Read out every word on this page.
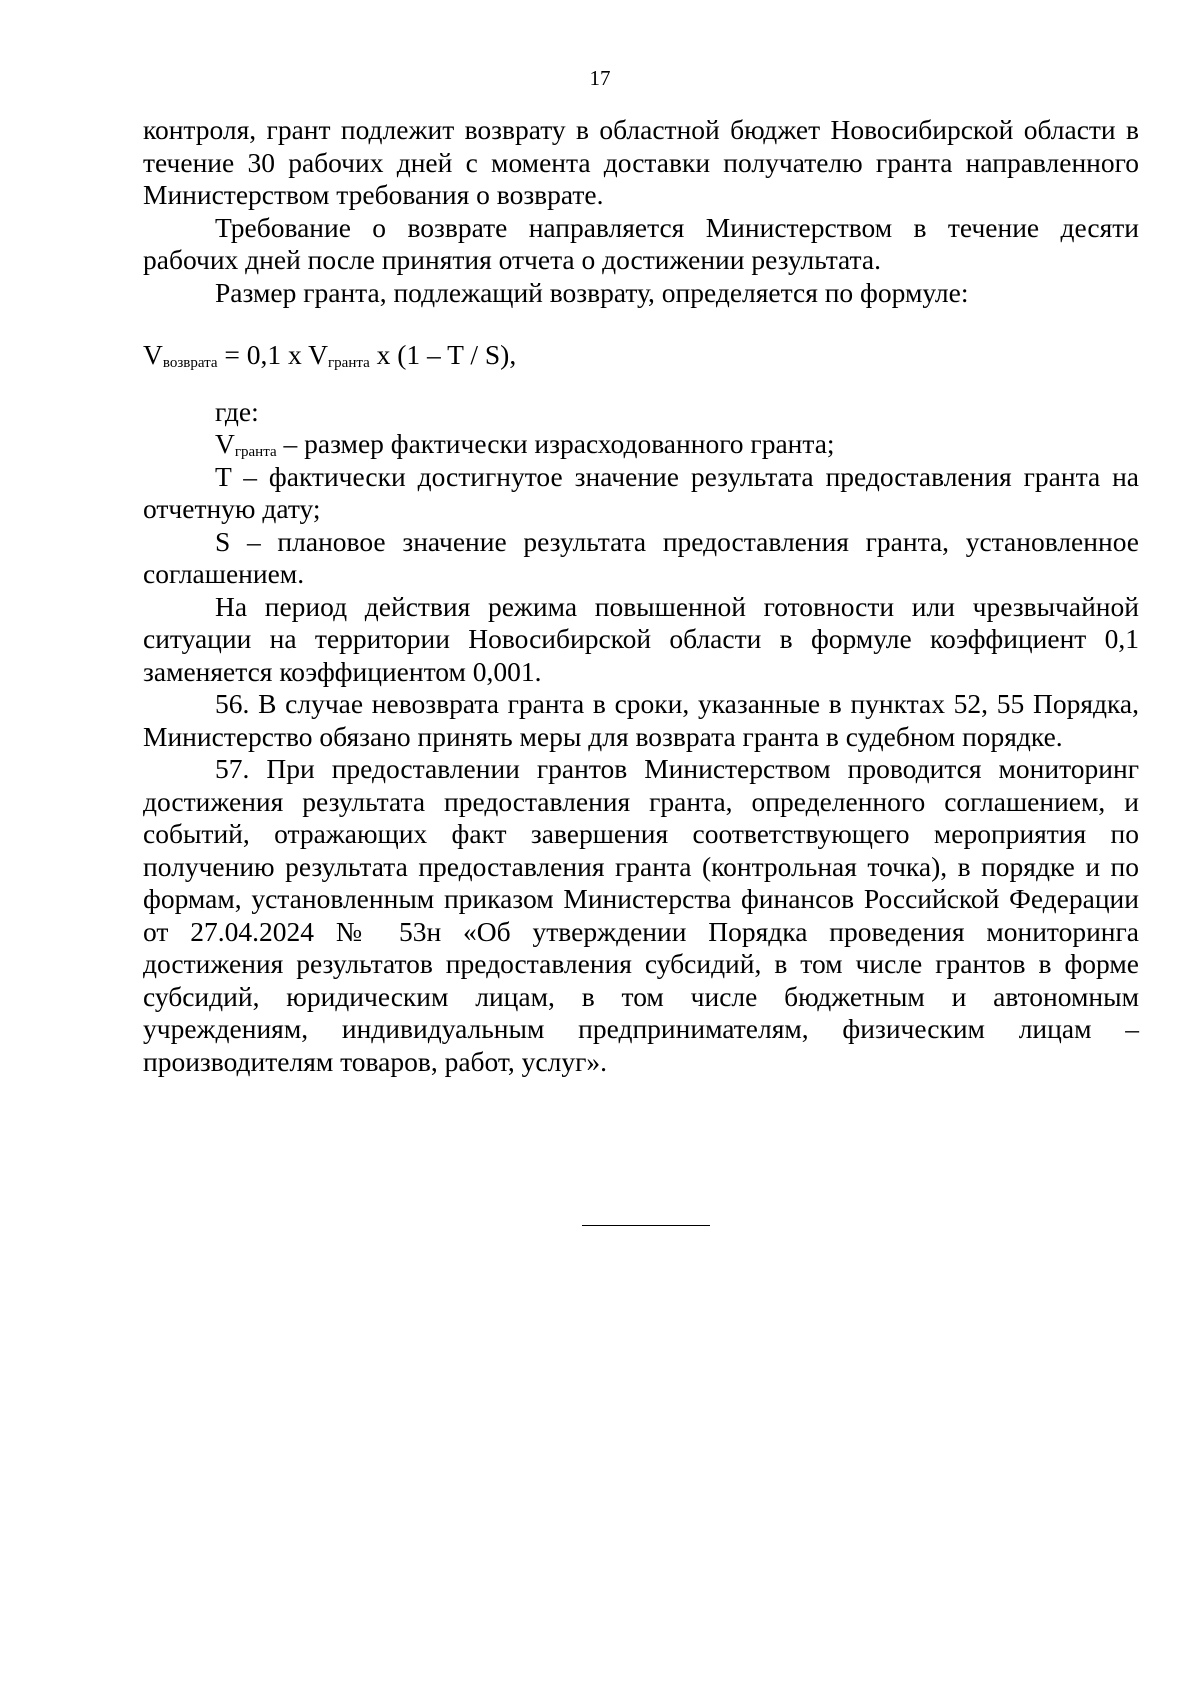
17

контроля, грант подлежит возврату в областной бюджет Новосибирской области в течение 30 рабочих дней с момента доставки получателю гранта направленного Министерством требования о возврате.

Требование о возврате направляется Министерством в течение десяти рабочих дней после принятия отчета о достижении результата.

Размер гранта, подлежащий возврату, определяется по формуле:

$V_{возврата} = 0,1$ x $V_{гранта}$ x (1 – T / S),

где:

$V_{гранта}$ – размер фактически израсходованного гранта;

T – фактически достигнутое значение результата предоставления гранта на отчетную дату;

S – плановое значение результата предоставления гранта, установленное соглашением.

На период действия режима повышенной готовности или чрезвычайной ситуации на территории Новосибирской области в формуле коэффициент 0,1 заменяется коэффициентом 0,001.

56. В случае невозврата гранта в сроки, указанные в пунктах 52, 55 Порядка, Министерство обязано принять меры для возврата гранта в судебном порядке.

57. При предоставлении грантов Министерством проводится мониторинг достижения результата предоставления гранта, определенного соглашением, и событий, отражающих факт завершения соответствующего мероприятия по получению результата предоставления гранта (контрольная точка), в порядке и по формам, установленным приказом Министерства финансов Российской Федерации от 27.04.2024 № 53н «Об утверждении Порядка проведения мониторинга достижения результатов предоставления субсидий, в том числе грантов в форме субсидий, юридическим лицам, в том числе бюджетным и автономным учреждениям, индивидуальным предпринимателям, физическим лицам – производителям товаров, работ, услуг».
